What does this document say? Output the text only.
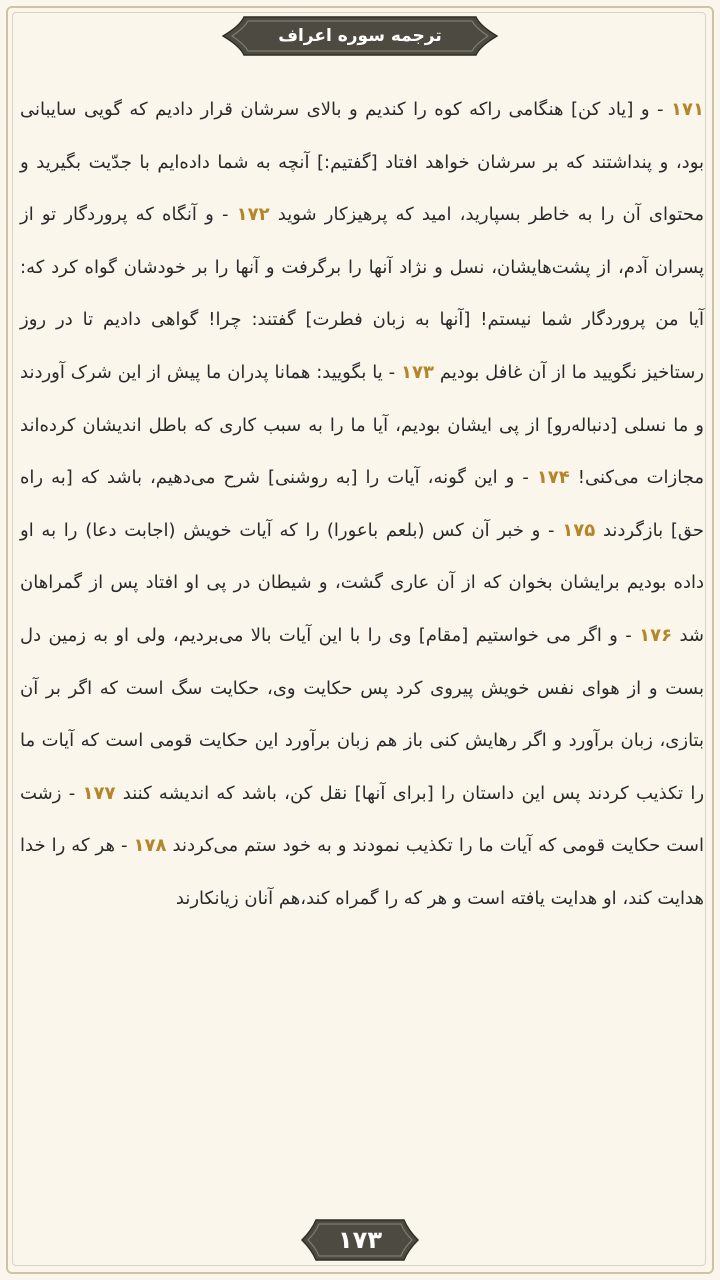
ترجمه سوره اعراف

۱۷۱ - و [یاد کن] هنگامی راکه کوه را کندیم و بالای سرشان قرار دادیم که گویی سایبانی بود، و پنداشتند که بر سرشان خواهد افتاد [گفتیم:] آنچه به شما داده‌ایم با جدّیت بگیرید و محتوای آن را به خاطر بسپارید، امید که پرهیزکار شوید ۱۷۲ - و آنگاه که پروردگار تو از پسران آدم، از پشت‌هایشان، نسل و نژاد آنها را برگرفت و آنها را بر خودشان گواه کرد که: آیا من پروردگار شما نیستم! [آنها به زبان فطرت] گفتند: چرا! گواهی دادیم تا در روز رستاخیز نگویید ما از آن غافل بودیم ۱۷۳ - یا بگویید: همانا پدران ما پیش از این شرک آوردند و ما نسلی [دنباله‌رو] از پی ایشان بودیم، آیا ما را به سبب کاری که باطل اندیشان کرده‌اند مجازات می‌کنی! ۱۷۴ - و این گونه، آیات را [به روشنی] شرح می‌دهیم، باشد که [به راه حق] بازگردند ۱۷۵ - و خبر آن کس (بلعم باعورا) را که آیات خویش (اجابت دعا) را به او داده بودیم برایشان بخوان که از آن عاری گشت، و شیطان در پی او افتاد پس از گمراهان شد ۱۷۶ - و اگر می خواستیم [مقام] وی را با این آیات بالا می‌بردیم، ولی او به زمین دل بست و از هوای نفس خویش پیروی کرد پس حکایت وی، حکایت سگ است که اگر بر آن بتازی، زبان برآورد و اگر رهایش کنی باز هم زبان برآورد این حکایت قومی است که آیات ما را تکذیب کردند پس این داستان را [برای آنها] نقل کن، باشد که اندیشه کنند ۱۷۷ - زشت است حکایت قومی که آیات ما را تکذیب نمودند و به خود ستم می‌کردند ۱۷۸ - هر که را خدا هدایت کند، او هدایت یافته است و هر که را گمراه کند،هم آنان زیانکارند

۱۷۳
